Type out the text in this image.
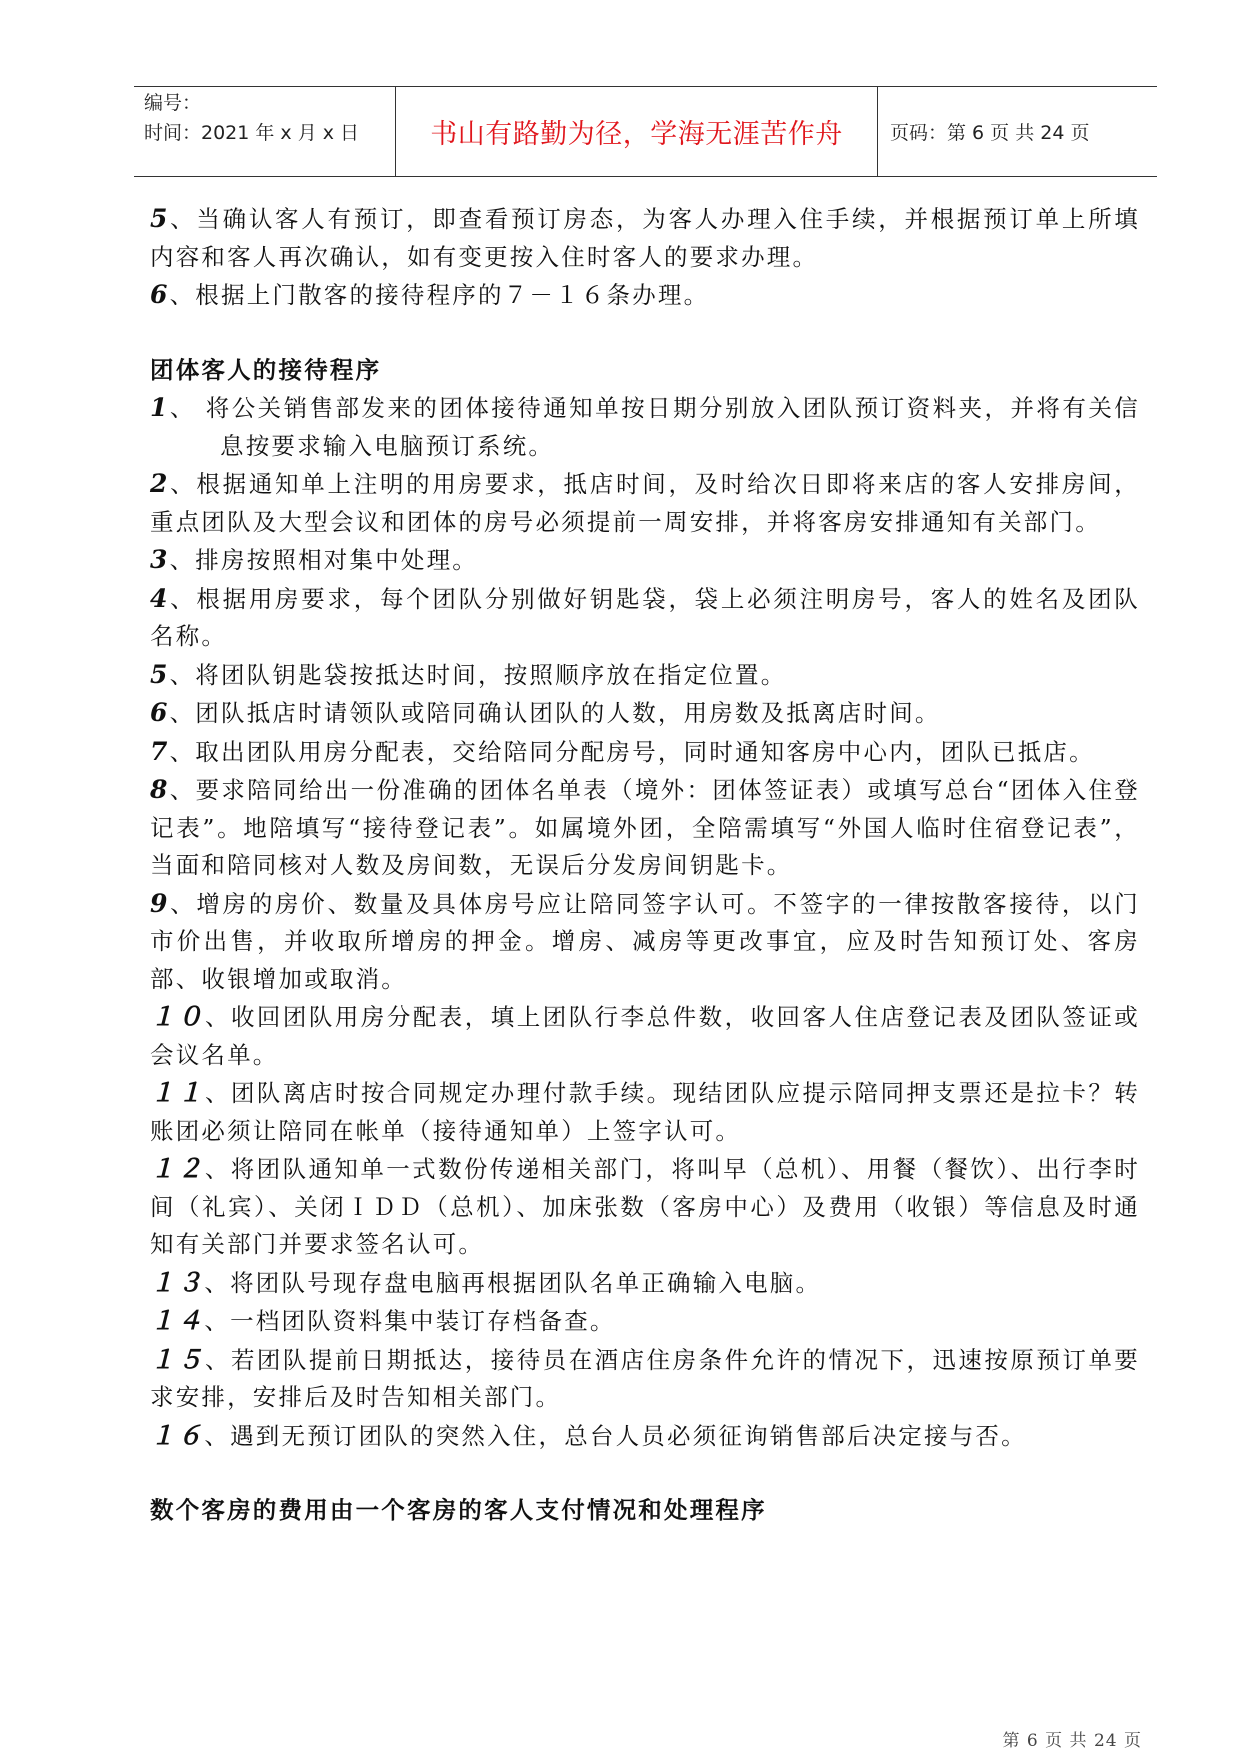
编号：
时间：2021 年 x 月 x 日	书山有路勤为径，学海无涯苦作舟	页码：第 6 页 共 24 页

5、当确认客人有预订，即查看预订房态，为客人办理入住手续，并根据预订单上所填内容和客人再次确认，如有变更按入住时客人的要求办理。

6、根据上门散客的接待程序的７－１６条办理。

团体客人的接待程序

1、 将公关销售部发来的团体接待通知单按日期分别放入团队预订资料夹，并将有关信息按要求输入电脑预订系统。

2、根据通知单上注明的用房要求，抵店时间，及时给次日即将来店的客人安排房间，重点团队及大型会议和团体的房号必须提前一周安排，并将客房安排通知有关部门。

3、排房按照相对集中处理。

4、根据用房要求，每个团队分别做好钥匙袋，袋上必须注明房号，客人的姓名及团队名称。

5、将团队钥匙袋按抵达时间，按照顺序放在指定位置。

6、团队抵店时请领队或陪同确认团队的人数，用房数及抵离店时间。

7、取出团队用房分配表，交给陪同分配房号，同时通知客房中心内，团队已抵店。

8、要求陪同给出一份准确的团体名单表（境外：团体签证表）或填写总台“团体入住登记表”。地陪填写“接待登记表”。如属境外团，全陪需填写“外国人临时住宿登记表”，当面和陪同核对人数及房间数，无误后分发房间钥匙卡。

9、增房的房价、数量及具体房号应让陪同签字认可。不签字的一律按散客接待，以门市价出售，并收取所增房的押金。增房、减房等更改事宜，应及时告知预订处、客房部、收银增加或取消。

１０、收回团队用房分配表，填上团队行李总件数，收回客人住店登记表及团队签证或会议名单。

１１、团队离店时按合同规定办理付款手续。现结团队应提示陪同押支票还是拉卡？转账团必须让陪同在帐单（接待通知单）上签字认可。

１２、将团队通知单一式数份传递相关部门，将叫早（总机）、用餐（餐饮）、出行李时间（礼宾）、关闭ＩＤＤ（总机）、加床张数（客房中心）及费用（收银）等信息及时通知有关部门并要求签名认可。

１３、将团队号现存盘电脑再根据团队名单正确输入电脑。

１４、一档团队资料集中装订存档备查。

１５、若团队提前日期抵达，接待员在酒店住房条件允许的情况下，迅速按原预订单要求安排，安排后及时告知相关部门。

１６、遇到无预订团队的突然入住，总台人员必须征询销售部后决定接与否。

数个客房的费用由一个客房的客人支付情况和处理程序

第 6 页 共 24 页
